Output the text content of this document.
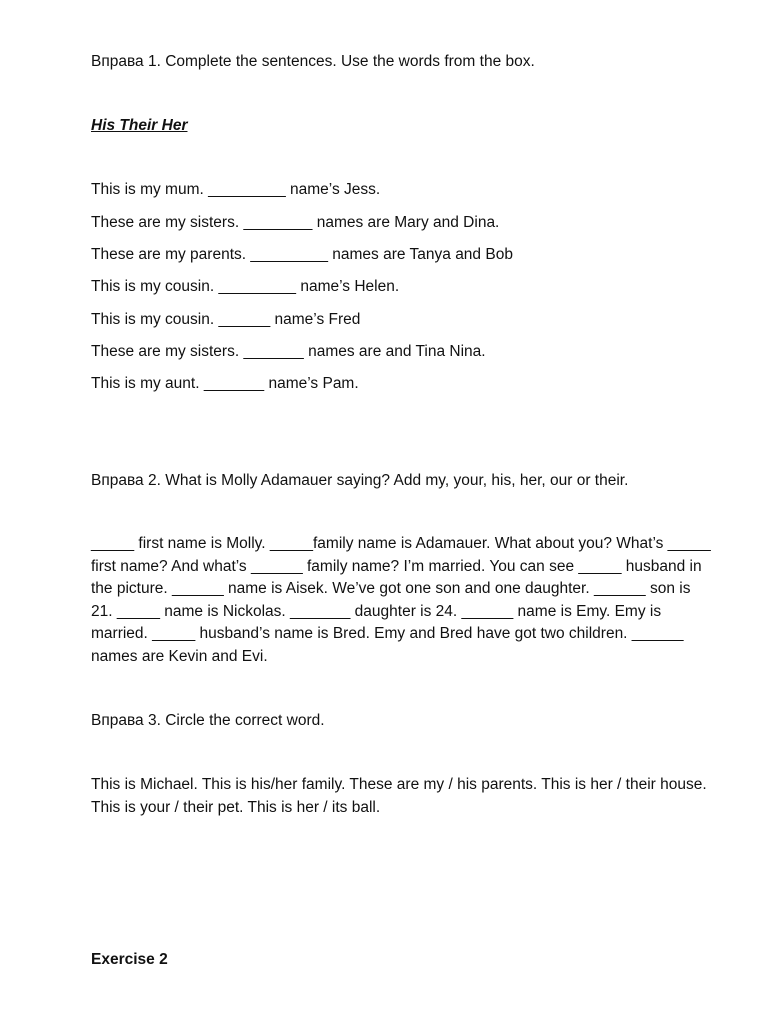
Вправа 1. Complete the sentences. Use the words from the box.

His Their Her

This is my mum. _________ name’s Jess.

These are my sisters. ________ names are Mary and Dina.

These are my parents. _________ names are Tanya and Bob

This is my cousin. _________ name’s Helen.

This is my cousin. ______ name’s Fred

These are my sisters. _______ names are and Tina Nina.

This is my aunt. _______ name’s Pam.

Вправа 2. What is Molly Adamauer saying? Add my, your, his, her, our or their.

_____ first name is Molly. _____family name is Adamauer. What about you? What’s _____ first name? And what’s ______ family name? I’m married. You can see _____ husband in the picture. ______ name is Aisek. We’ve got one son and one daughter. ______ son is 21. _____ name is Nickolas. _______ daughter is 24. ______ name is Emy. Emy is married. _____ husband’s name is Bred. Emy and Bred have got two children. ______ names are Kevin and Evi.

Вправа 3. Circle the correct word.

This is Michael. This is his/her family. These are my / his parents. This is her / their house. This is your / their pet. This is her / its ball.

Exercise 2
